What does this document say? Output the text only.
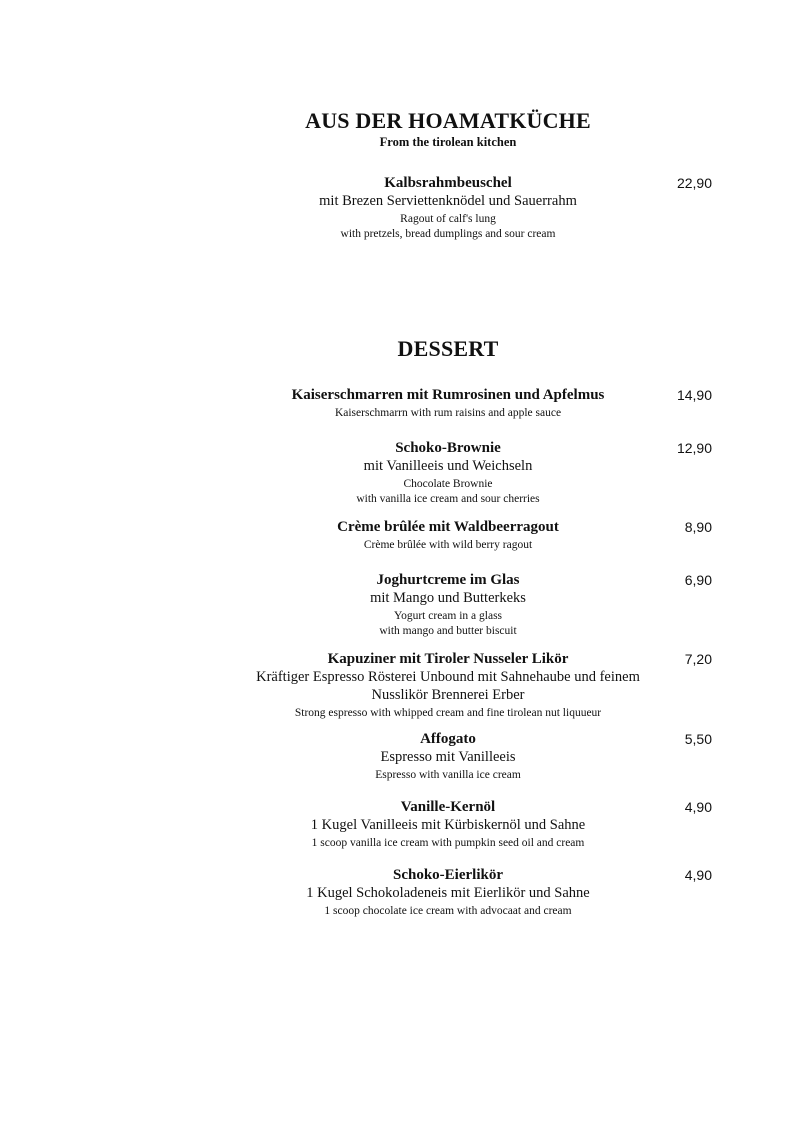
AUS DER HOAMATKÜCHE
From the tirolean kitchen
Kalbsrahmbeuschel
mit Brezen Serviettenknödel und Sauerrahm
Ragout of calf's lung
with pretzels, bread dumplings and sour cream
22,90
DESSERT
Kaiserschmarren mit Rumrosinen und Apfelmus
Kaiserschmarrn with rum raisins and apple sauce
14,90
Schoko-Brownie
mit Vanilleeis und Weichseln
Chocolate Brownie
with vanilla ice cream and sour cherries
12,90
Crème brûlée mit Waldbeerragout
Crème brûlée with wild berry ragout
8,90
Joghurtcreme im Glas
mit Mango und Butterkeks
Yogurt cream in a glass
with mango and butter biscuit
6,90
Kapuziner mit Tiroler Nusseler Likör
Kräftiger Espresso Rösterei Unbound mit Sahnehaube und feinem
Nusslikör Brennerei Erber
Strong espresso with whipped cream and fine tirolean nut liquueur
7,20
Affogato
Espresso mit Vanilleeis
Espresso with vanilla ice cream
5,50
Vanille-Kernöl
1 Kugel Vanilleeis mit Kürbiskernöl und Sahne
1 scoop vanilla ice cream with pumpkin seed oil and cream
4,90
Schoko-Eierlikör
1 Kugel Schokoladeneis mit Eierlikör und Sahne
1 scoop chocolate ice cream with advocaat and cream
4,90
